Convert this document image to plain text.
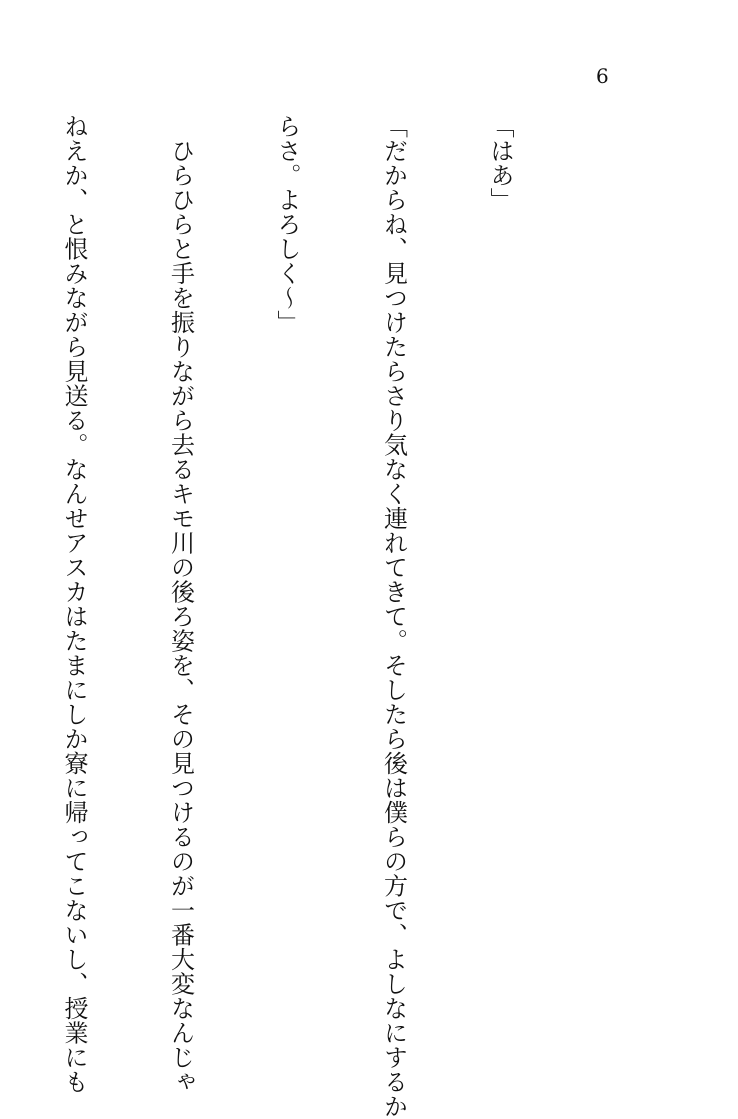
6

「はあ」

「だからね、見つけたらさり気なく連れてきて。そしたら後は僕らの方で、よしなにするか

らさ。よろしく〜」

　ひらひらと手を振りながら去るキモ川の後ろ姿を、その見つけるのが一番大変なんじゃ

ねえか、と恨みながら見送る。なんせアスカはたまにしか寮に帰ってこないし、授業にも
